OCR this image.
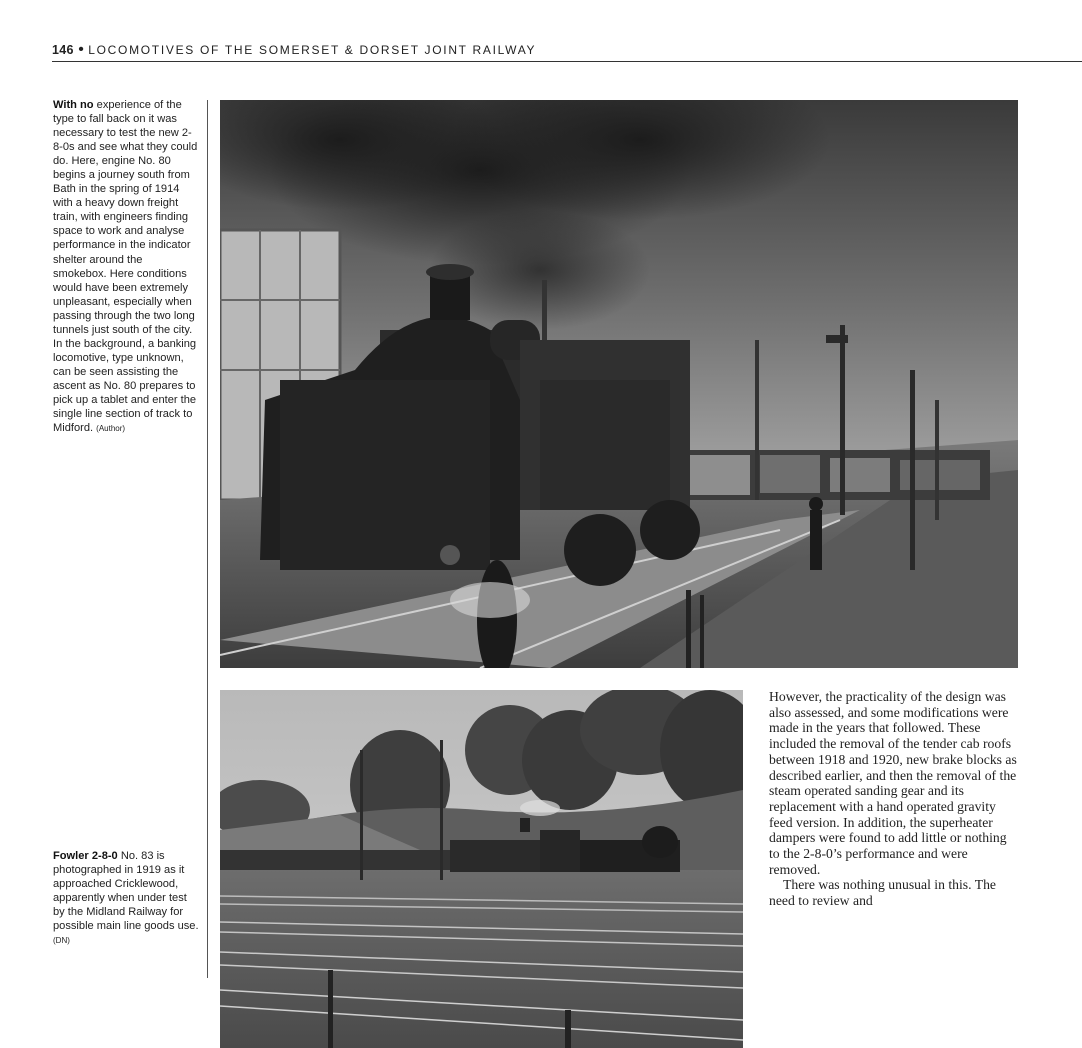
146 • LOCOMOTIVES OF THE SOMERSET & DORSET JOINT RAILWAY
With no experience of the type to fall back on it was necessary to test the new 2-8-0s and see what they could do. Here, engine No. 80 begins a journey south from Bath in the spring of 1914 with a heavy down freight train, with engineers finding space to work and analyse performance in the indicator shelter around the smokebox. Here conditions would have been extremely unpleasant, especially when passing through the two long tunnels just south of the city. In the background, a banking locomotive, type unknown, can be seen assisting the ascent as No. 80 prepares to pick up a tablet and enter the single line section of track to Midford. (Author)
Fowler 2-8-0 No. 83 is photographed in 1919 as it approached Cricklewood, apparently when under test by the Midland Railway for possible main line goods use. (DN)

However, the practicality of the design was also assessed, and some modifications were made in the years that followed. These included the removal of the tender cab roofs between 1918 and 1920, new brake blocks as described earlier, and then the removal of the steam operated sanding gear and its replacement with a hand operated gravity feed version. In addition, the superheater dampers were found to add little or nothing to the 2-8-0’s performance and were removed.

There was nothing unusual in this. The need to review and
